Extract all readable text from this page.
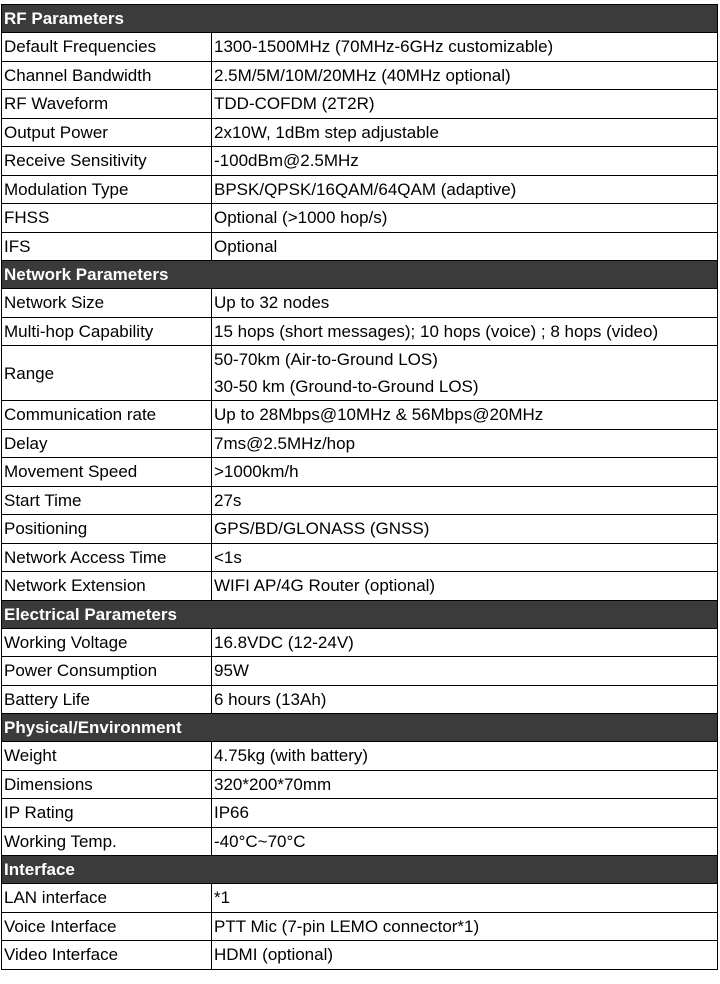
RF Parameters	
Default Frequencies	1300-1500MHz (70MHz-6GHz customizable)
Channel Bandwidth	2.5M/5M/10M/20MHz (40MHz optional)
RF Waveform	TDD-COFDM (2T2R)
Output Power	2x10W, 1dBm step adjustable
Receive Sensitivity	-100dBm@2.5MHz
Modulation Type	BPSK/QPSK/16QAM/64QAM (adaptive)
FHSS	Optional (>1000 hop/s)
IFS	Optional
Network Parameters	
Network Size	Up to 32 nodes
Multi-hop Capability	15 hops (short messages); 10 hops (voice) ; 8 hops (video)
Range	50-70km (Air-to-Ground LOS)
30-50 km (Ground-to-Ground LOS)

Communication rate	Up to 28Mbps@10MHz & 56Mbps@20MHz
Delay	7ms@2.5MHz/hop
Movement Speed	>1000km/h
Start Time	27s
Positioning	GPS/BD/GLONASS (GNSS)
Network Access Time	<1s
Network Extension	WIFI AP/4G Router (optional)
Electrical Parameters	
Working Voltage	16.8VDC (12-24V)
Power Consumption	95W
Battery Life	6 hours (13Ah)
Physical/Environment	
Weight	4.75kg (with battery)
Dimensions	320*200*70mm
IP Rating	IP66
Working Temp.	-40°C~70°C
Interface	
LAN interface	*1
Voice Interface	PTT Mic (7-pin LEMO connector*1)
Video Interface	HDMI (optional)
